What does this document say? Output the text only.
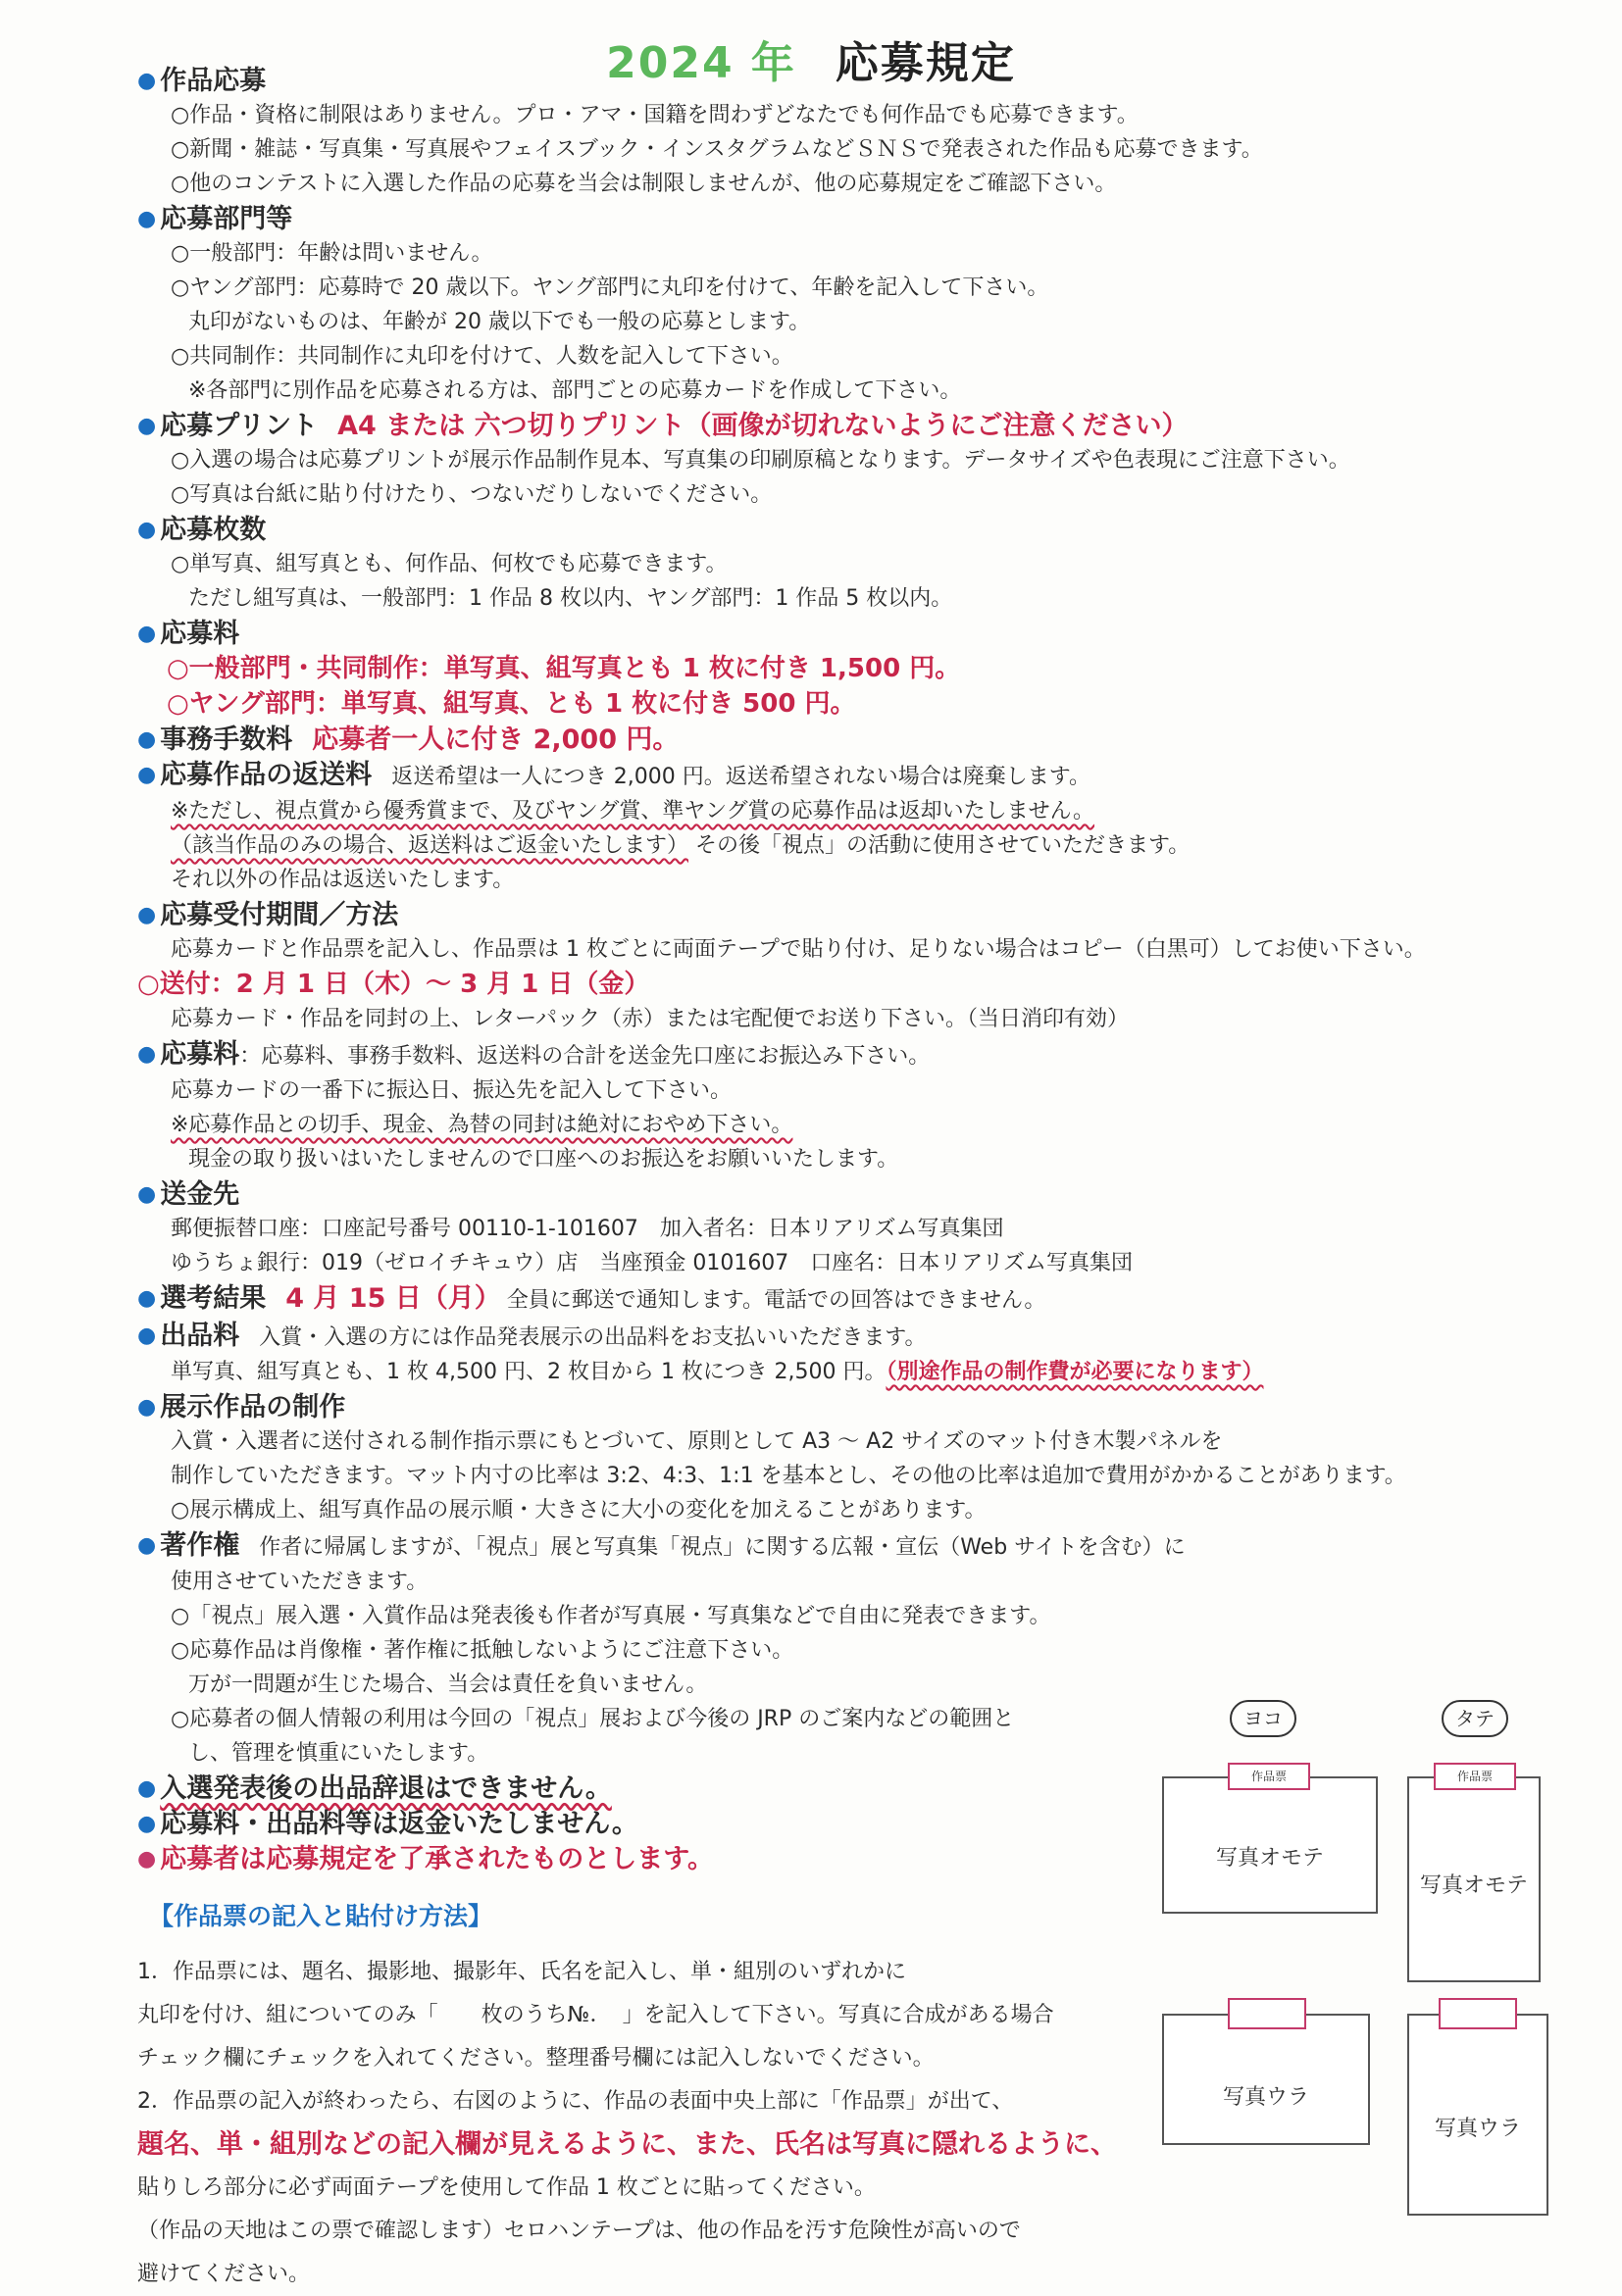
2024 年 応募規定
● 作品応募
○作品・資格に制限はありません。プロ・アマ・国籍を問わずどなたでも何作品でも応募できます。
○新聞・雑誌・写真集・写真展やフェイスブック・インスタグラムなどＳＮＳで発表された作品も応募できます。
○他のコンテストに入選した作品の応募を当会は制限しませんが、他の応募規定をご確認下さい。
● 応募部門等
○一般部門：年齢は問いません。
○ヤング部門：応募時で 20 歳以下。ヤング部門に丸印を付けて、年齢を記入して下さい。
丸印がないものは、年齢が 20 歳以下でも一般の応募とします。
○共同制作：共同制作に丸印を付けて、人数を記入して下さい。
※各部門に別作品を応募される方は、部門ごとの応募カードを作成して下さい。
● 応募プリント A4 または 六つ切りプリント（画像が切れないようにご注意ください）
○入選の場合は応募プリントが展示作品制作見本、写真集の印刷原稿となります。データサイズや色表現にご注意下さい。
○写真は台紙に貼り付けたり、つないだりしないでください。
● 応募枚数
○単写真、組写真とも、何作品、何枚でも応募できます。
ただし組写真は、一般部門：1 作品 8 枚以内、ヤング部門：1 作品 5 枚以内。
● 応募料
○一般部門・共同制作：単写真、組写真とも 1 枚に付き 1,500 円。
○ヤング部門：単写真、組写真、とも 1 枚に付き 500 円。
● 事務手数料 応募者一人に付き 2,000 円。
● 応募作品の返送料 返送希望は一人につき 2,000 円。返送希望されない場合は廃棄します。
※ただし、視点賞から優秀賞まで、及びヤング賞、準ヤング賞の応募作品は返却いたしません。
（該当作品のみの場合、返送料はご返金いたします） その後「視点」の活動に使用させていただきます。
それ以外の作品は返送いたします。
● 応募受付期間／方法
応募カードと作品票を記入し、作品票は 1 枚ごとに両面テープで貼り付け、足りない場合はコピー（白黒可）してお使い下さい。
○送付：2 月 1 日（木）～ 3 月 1 日（金）
応募カード・作品を同封の上、レターパック（赤）または宅配便でお送り下さい。（当日消印有効）
● 応募料：応募料、事務手数料、返送料の合計を送金先口座にお振込み下さい。
応募カードの一番下に振込日、振込先を記入して下さい。
※応募作品との切手、現金、為替の同封は絶対におやめ下さい。
現金の取り扱いはいたしませんので口座へのお振込をお願いいたします。
● 送金先
郵便振替口座：口座記号番号 00110-1-101607　加入者名：日本リアリズム写真集団
ゆうちょ銀行：019（ゼロイチキュウ）店　当座預金 0101607　口座名：日本リアリズム写真集団
● 選考結果 4 月 15 日（月） 全員に郵送で通知します。電話での回答はできません。
● 出品料 入賞・入選の方には作品発表展示の出品料をお支払いいただきます。
単写真、組写真とも、1 枚 4,500 円、2 枚目から 1 枚につき 2,500 円。（別途作品の制作費が必要になります）
● 展示作品の制作
入賞・入選者に送付される制作指示票にもとづいて、原則として A3 ～ A2 サイズのマット付き木製パネルを
制作していただきます。マット内寸の比率は 3:2、4:3、1:1 を基本とし、その他の比率は追加で費用がかかることがあります。
○展示構成上、組写真作品の展示順・大きさに大小の変化を加えることがあります。
● 著作権 作者に帰属しますが、「視点」展と写真集「視点」に関する広報・宣伝（Web サイトを含む）に
使用させていただきます。
○「視点」展入選・入賞作品は発表後も作者が写真展・写真集などで自由に発表できます。
○応募作品は肖像権・著作権に抵触しないようにご注意下さい。
万が一問題が生じた場合、当会は責任を負いません。
○応募者の個人情報の利用は今回の「視点」展および今後の JRP のご案内などの範囲と
し、管理を慎重にいたします。
● 入選発表後の出品辞退はできません。
● 応募料・出品料等は返金いたしません。
● 応募者は応募規定を了承されたものとします。
【作品票の記入と貼付け方法】
1．作品票には、題名、撮影地、撮影年、氏名を記入し、単・組別のいずれかに
丸印を付け、組についてのみ「　　枚のうち№．　」を記入して下さい。写真に合成がある場合
チェック欄にチェックを入れてください。整理番号欄には記入しないでください。
2．作品票の記入が終わったら、右図のように、作品の表面中央上部に「作品票」が出て、
題名、単・組別などの記入欄が見えるように、また、氏名は写真に隠れるように、
貼りしろ部分に必ず両面テープを使用して作品 1 枚ごとに貼ってください。
（作品の天地はこの票で確認します）セロハンテープは、他の作品を汚す危険性が高いので
避けてください。
ヨコ	タテ
作品票
写真オモテ
作品票
写真オモテ
写真ウラ
写真ウラ
